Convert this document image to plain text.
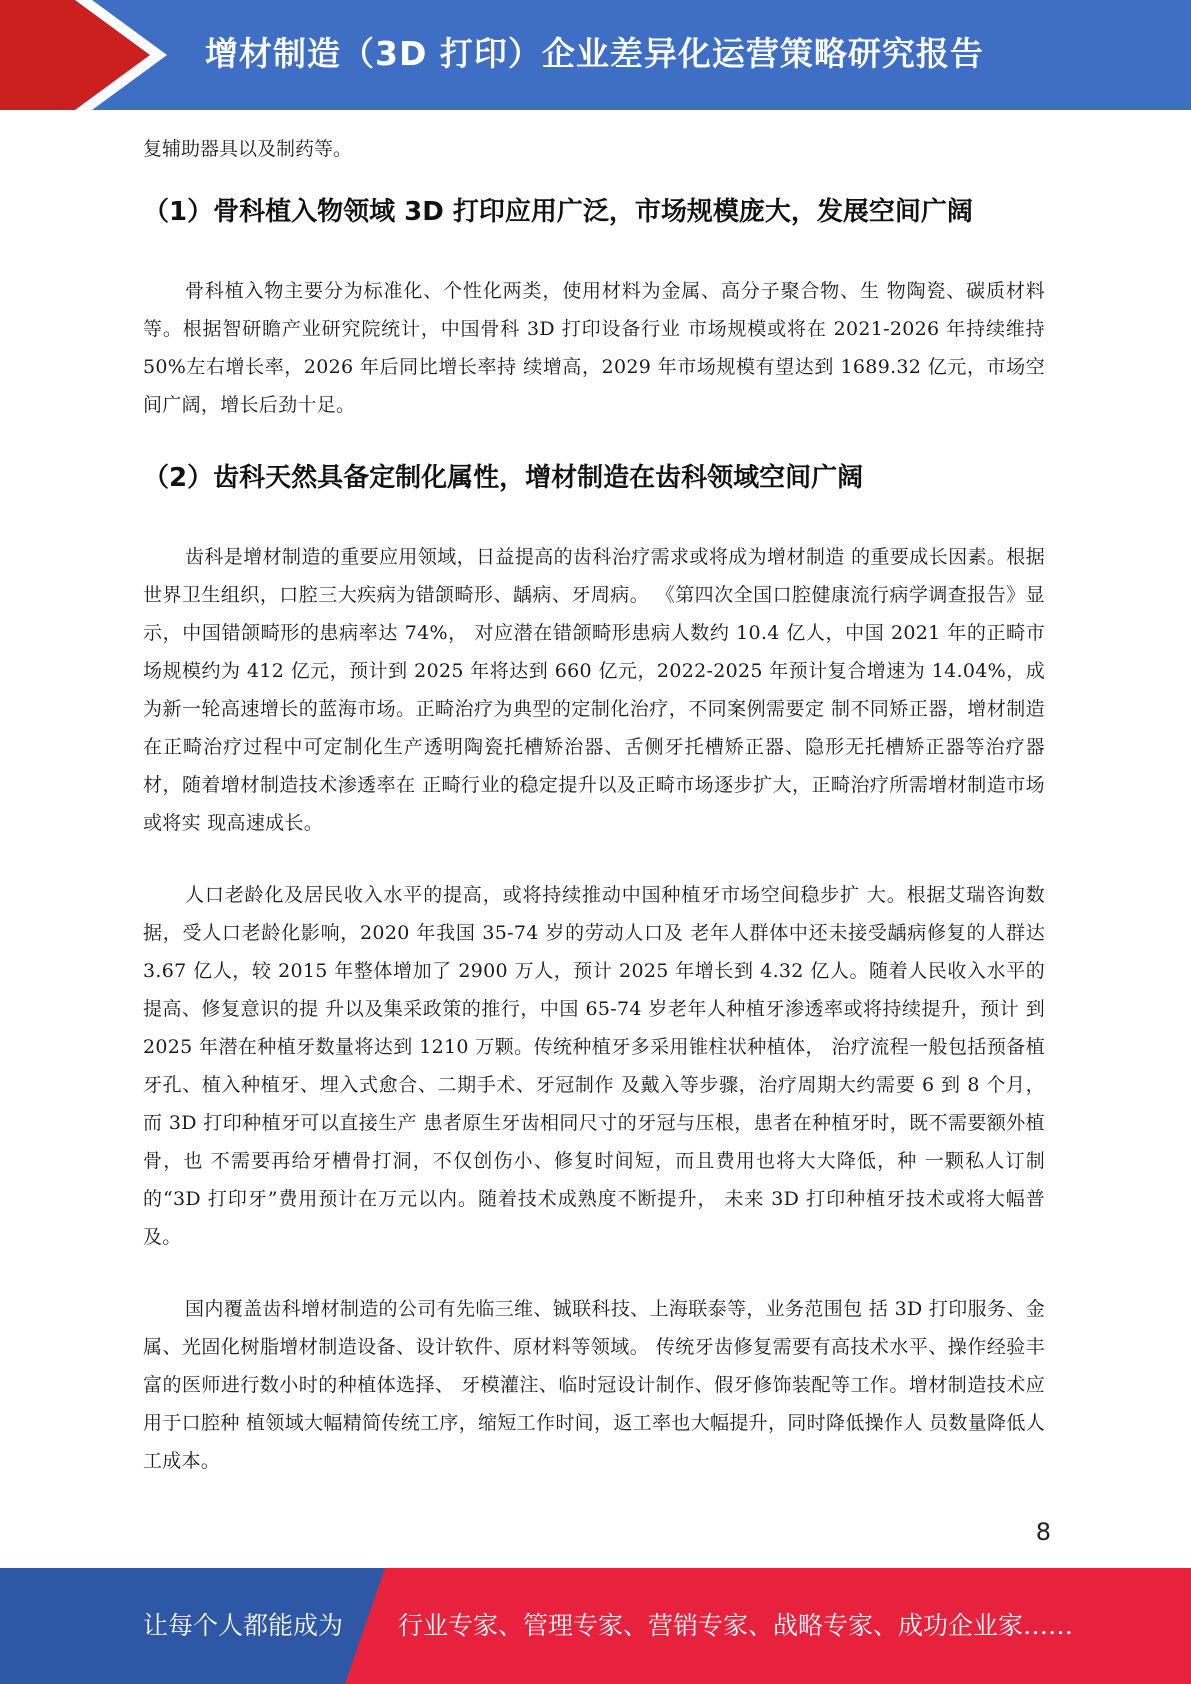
增材制造（3D 打印）企业差异化运营策略研究报告

复辅助器具以及制药等。

（1）骨科植入物领域 3D 打印应用广泛，市场规模庞大，发展空间广阔

骨科植入物主要分为标准化、个性化两类，使用材料为金属、高分子聚合物、生 物陶瓷、碳质材料等。根据智研瞻产业研究院统计，中国骨科 3D 打印设备行业 市场规模或将在 2021-2026 年持续维持 50%左右增长率，2026 年后同比增长率持 续增高，2029 年市场规模有望达到 1689.32 亿元，市场空间广阔，增长后劲十足。

（2）齿科天然具备定制化属性，增材制造在齿科领域空间广阔

齿科是增材制造的重要应用领域，日益提高的齿科治疗需求或将成为增材制造 的重要成长因素。根据世界卫生组织，口腔三大疾病为错颌畸形、龋病、牙周病。 《第四次全国口腔健康流行病学调查报告》显示，中国错颌畸形的患病率达 74%， 对应潜在错颌畸形患病人数约 10.4 亿人，中国 2021 年的正畸市场规模约为 412 亿元，预计到 2025 年将达到 660 亿元，2022-2025 年预计复合增速为 14.04%，成 为新一轮高速增长的蓝海市场。正畸治疗为典型的定制化治疗，不同案例需要定 制不同矫正器，增材制造在正畸治疗过程中可定制化生产透明陶瓷托槽矫治器、舌侧牙托槽矫正器、隐形无托槽矫正器等治疗器材，随着增材制造技术渗透率在 正畸行业的稳定提升以及正畸市场逐步扩大，正畸治疗所需增材制造市场或将实 现高速成长。

人口老龄化及居民收入水平的提高，或将持续推动中国种植牙市场空间稳步扩 大。根据艾瑞咨询数据，受人口老龄化影响，2020 年我国 35-74 岁的劳动人口及 老年人群体中还未接受龋病修复的人群达 3.67 亿人，较 2015 年整体增加了 2900 万人，预计 2025 年增长到 4.32 亿人。随着人民收入水平的提高、修复意识的提 升以及集采政策的推行，中国 65-74 岁老年人种植牙渗透率或将持续提升，预计 到 2025 年潜在种植牙数量将达到 1210 万颗。传统种植牙多采用锥柱状种植体， 治疗流程一般包括预备植牙孔、植入种植牙、埋入式愈合、二期手术、牙冠制作 及戴入等步骤，治疗周期大约需要 6 到 8 个月，而 3D 打印种植牙可以直接生产 患者原生牙齿相同尺寸的牙冠与压根，患者在种植牙时，既不需要额外植骨，也 不需要再给牙槽骨打洞，不仅创伤小、修复时间短，而且费用也将大大降低，种 一颗私人订制的“3D 打印牙”费用预计在万元以内。随着技术成熟度不断提升， 未来 3D 打印种植牙技术或将大幅普及。

国内覆盖齿科增材制造的公司有先临三维、铖联科技、上海联泰等，业务范围包 括 3D 打印服务、金属、光固化树脂增材制造设备、设计软件、原材料等领域。 传统牙齿修复需要有高技术水平、操作经验丰富的医师进行数小时的种植体选择、 牙模灌注、临时冠设计制作、假牙修饰装配等工作。增材制造技术应用于口腔种 植领域大幅精简传统工序，缩短工作时间，返工率也大幅提升，同时降低操作人 员数量降低人工成本。

8
让每个人都能成为 行业专家、管理专家、营销专家、战略专家、成功企业家……
